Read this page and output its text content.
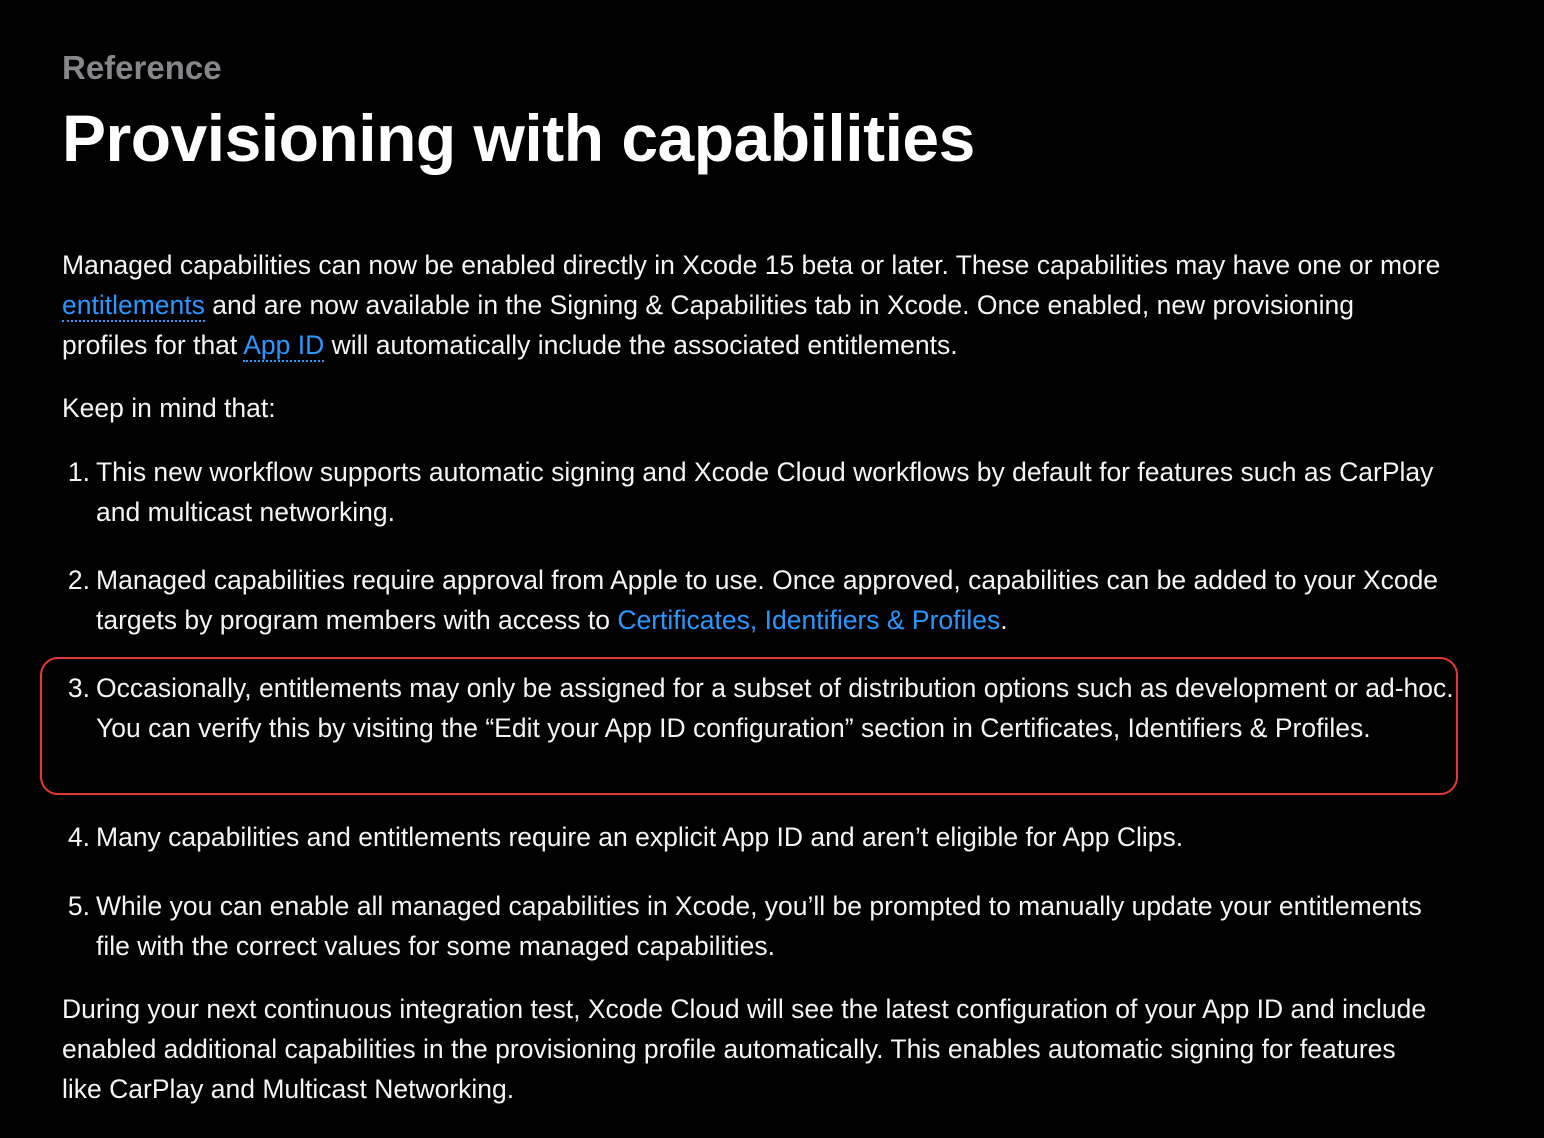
Reference
Provisioning with capabilities

Managed capabilities can now be enabled directly in Xcode 15 beta or later. These capabilities may have one or more entitlements and are now available in the Signing & Capabilities tab in Xcode. Once enabled, new provisioning profiles for that App ID will automatically include the associated entitlements.

Keep in mind that:

1. This new workflow supports automatic signing and Xcode Cloud workflows by default for features such as CarPlay and multicast networking.
2. Managed capabilities require approval from Apple to use. Once approved, capabilities can be added to your Xcode targets by program members with access to Certificates, Identifiers & Profiles.
3. Occasionally, entitlements may only be assigned for a subset of distribution options such as development or ad-hoc. You can verify this by visiting the “Edit your App ID configuration” section in Certificates, Identifiers & Profiles.
4. Many capabilities and entitlements require an explicit App ID and aren’t eligible for App Clips.
5. While you can enable all managed capabilities in Xcode, you’ll be prompted to manually update your entitlements file with the correct values for some managed capabilities.

During your next continuous integration test, Xcode Cloud will see the latest configuration of your App ID and include enabled additional capabilities in the provisioning profile automatically. This enables automatic signing for features like CarPlay and Multicast Networking.
